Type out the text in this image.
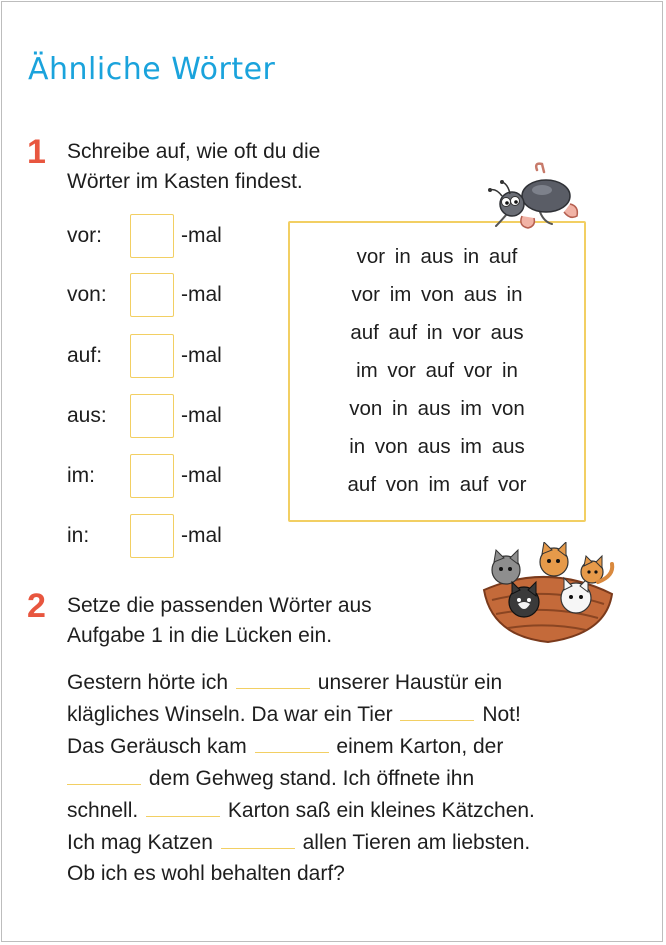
Ähnliche Wörter
1 Schreibe auf, wie oft du die

Wörter im Kasten findest.

vor:	-mal
von:	-mal
auf:	-mal
aus:	-mal
im:	-mal
in:	-mal
vor in aus in auf
vor im von aus in
auf auf in vor aus
im vor auf vor in
von in aus im von
in von aus im aus
auf von im auf vor
2 Setze die passenden Wörter aus

Aufgabe 1 in die Lücken ein.

Gestern hörte ich	unserer Haustür ein
klägliches Winseln. Da war ein Tier	Not!
Das Geräusch kam	einem Karton, der
dem Gehweg stand. Ich öffnete ihn
schnell.	Karton saß ein kleines Kätzchen.
Ich mag Katzen	allen Tieren am liebsten.
Ob ich es wohl behalten darf?
